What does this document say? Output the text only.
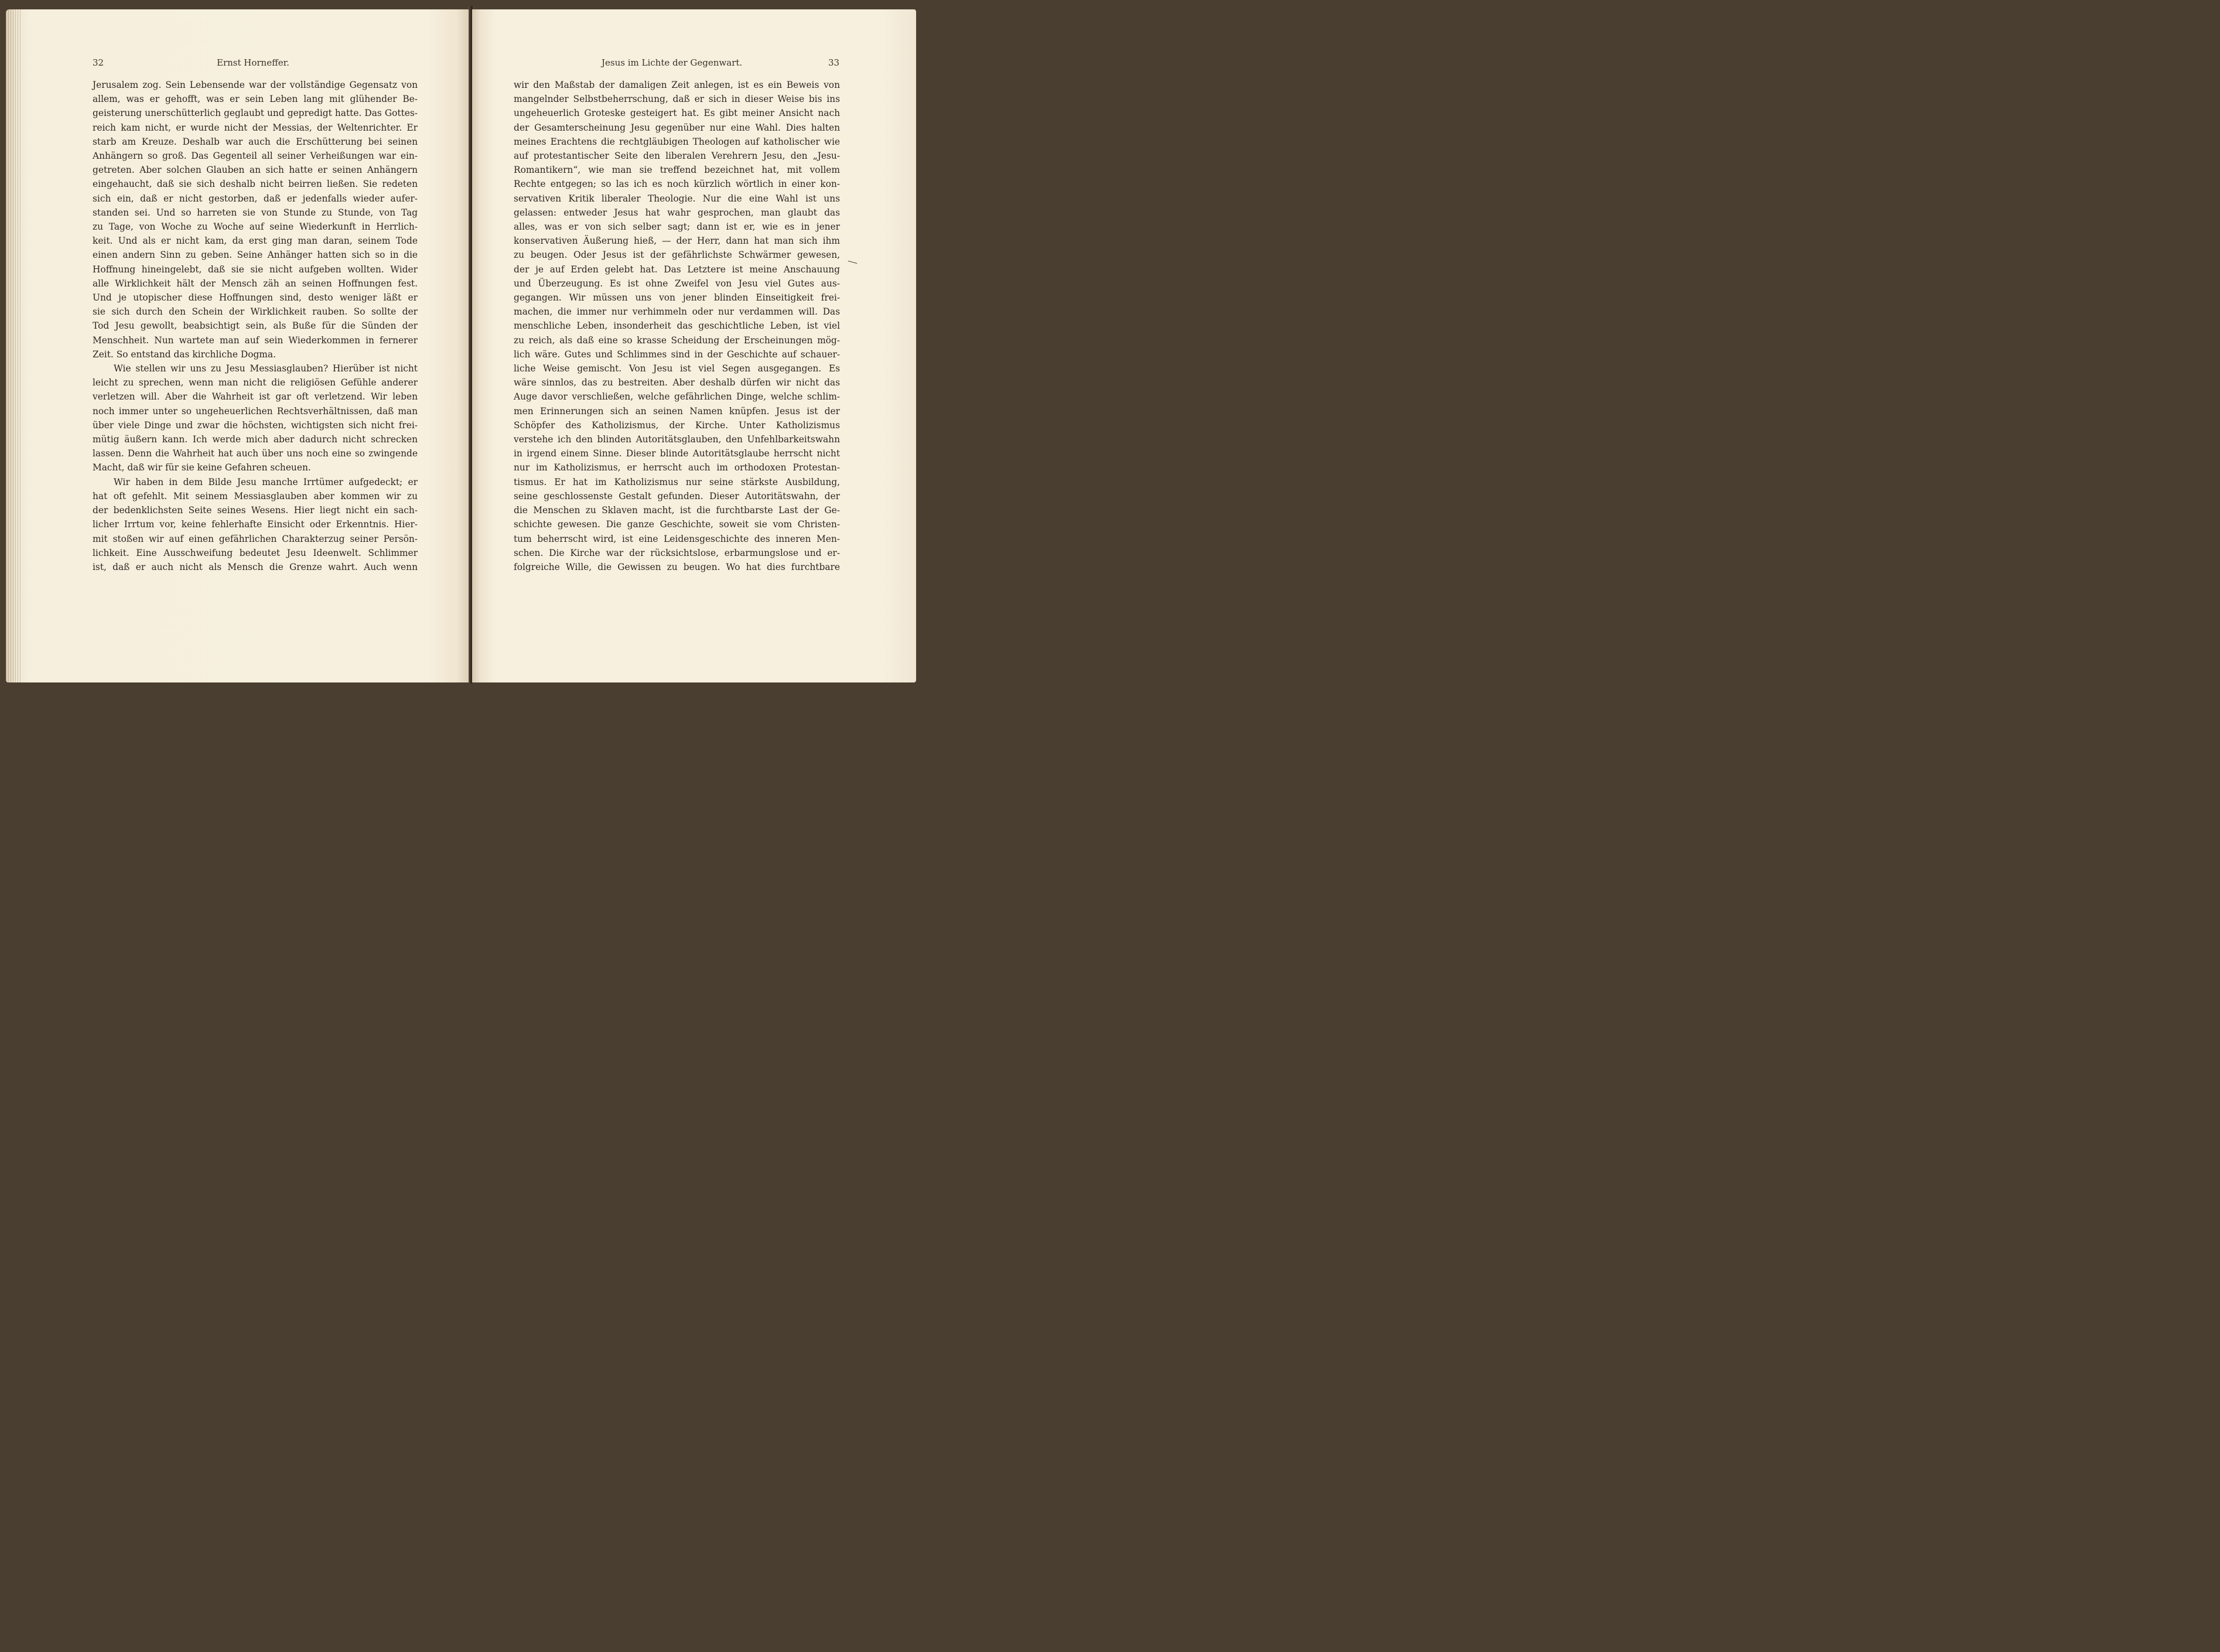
32	Ernst Horneffer.	Jesus im Lichte der Gegenwart.	33
Jerusalem zog. Sein Lebensende war der vollständige Gegensatz von
allem, was er gehofft, was er sein Leben lang mit glühender Be-
geisterung unerschütterlich geglaubt und gepredigt hatte. Das Gottes-
reich kam nicht, er wurde nicht der Messias, der Weltenrichter. Er
starb am Kreuze. Deshalb war auch die Erschütterung bei seinen
Anhängern so groß. Das Gegenteil all seiner Verheißungen war ein-
getreten. Aber solchen Glauben an sich hatte er seinen Anhängern
eingehaucht, daß sie sich deshalb nicht beirren ließen. Sie redeten
sich ein, daß er nicht gestorben, daß er jedenfalls wieder aufer-
standen sei. Und so harreten sie von Stunde zu Stunde, von Tag
zu Tage, von Woche zu Woche auf seine Wiederkunft in Herrlich-
keit. Und als er nicht kam, da erst ging man daran, seinem Tode
einen andern Sinn zu geben. Seine Anhänger hatten sich so in die
Hoffnung hineingelebt, daß sie sie nicht aufgeben wollten. Wider
alle Wirklichkeit hält der Mensch zäh an seinen Hoffnungen fest.
Und je utopischer diese Hoffnungen sind, desto weniger läßt er
sie sich durch den Schein der Wirklichkeit rauben. So sollte der
Tod Jesu gewollt, beabsichtigt sein, als Buße für die Sünden der
Menschheit. Nun wartete man auf sein Wiederkommen in fernerer
Zeit. So entstand das kirchliche Dogma.
Wie stellen wir uns zu Jesu Messiasglauben? Hierüber ist nicht
leicht zu sprechen, wenn man nicht die religiösen Gefühle anderer
verletzen will. Aber die Wahrheit ist gar oft verletzend. Wir leben
noch immer unter so ungeheuerlichen Rechtsverhältnissen, daß man
über viele Dinge und zwar die höchsten, wichtigsten sich nicht frei-
mütig äußern kann. Ich werde mich aber dadurch nicht schrecken
lassen. Denn die Wahrheit hat auch über uns noch eine so zwingende
Macht, daß wir für sie keine Gefahren scheuen.
Wir haben in dem Bilde Jesu manche Irrtümer aufgedeckt; er
hat oft gefehlt. Mit seinem Messiasglauben aber kommen wir zu
der bedenklichsten Seite seines Wesens. Hier liegt nicht ein sach-
licher Irrtum vor, keine fehlerhafte Einsicht oder Erkenntnis. Hier-
mit stoßen wir auf einen gefährlichen Charakterzug seiner Persön-
lichkeit. Eine Ausschweifung bedeutet Jesu Ideenwelt. Schlimmer
ist, daß er auch nicht als Mensch die Grenze wahrt. Auch wenn
wir den Maßstab der damaligen Zeit anlegen, ist es ein Beweis von
mangelnder Selbstbeherrschung, daß er sich in dieser Weise bis ins
ungeheuerlich Groteske gesteigert hat. Es gibt meiner Ansicht nach
der Gesamterscheinung Jesu gegenüber nur eine Wahl. Dies halten
meines Erachtens die rechtgläubigen Theologen auf katholischer wie
auf protestantischer Seite den liberalen Verehrern Jesu, den „Jesu-
Romantikern“, wie man sie treffend bezeichnet hat, mit vollem
Rechte entgegen; so las ich es noch kürzlich wörtlich in einer kon-
servativen Kritik liberaler Theologie. Nur die eine Wahl ist uns
gelassen: entweder Jesus hat wahr gesprochen, man glaubt das
alles, was er von sich selber sagt; dann ist er, wie es in jener
konservativen Äußerung hieß, — der Herr, dann hat man sich ihm
zu beugen. Oder Jesus ist der gefährlichste Schwärmer gewesen,
der je auf Erden gelebt hat. Das Letztere ist meine Anschauung
und Überzeugung. Es ist ohne Zweifel von Jesu viel Gutes aus-
gegangen. Wir müssen uns von jener blinden Einseitigkeit frei-
machen, die immer nur verhimmeln oder nur verdammen will. Das
menschliche Leben, insonderheit das geschichtliche Leben, ist viel
zu reich, als daß eine so krasse Scheidung der Erscheinungen mög-
lich wäre. Gutes und Schlimmes sind in der Geschichte auf schauer-
liche Weise gemischt. Von Jesu ist viel Segen ausgegangen. Es
wäre sinnlos, das zu bestreiten. Aber deshalb dürfen wir nicht das
Auge davor verschließen, welche gefährlichen Dinge, welche schlim-
men Erinnerungen sich an seinen Namen knüpfen. Jesus ist der
Schöpfer des Katholizismus, der Kirche. Unter Katholizismus
verstehe ich den blinden Autoritätsglauben, den Unfehlbarkeitswahn
in irgend einem Sinne. Dieser blinde Autoritätsglaube herrscht nicht
nur im Katholizismus, er herrscht auch im orthodoxen Protestan-
tismus. Er hat im Katholizismus nur seine stärkste Ausbildung,
seine geschlossenste Gestalt gefunden. Dieser Autoritätswahn, der
die Menschen zu Sklaven macht, ist die furchtbarste Last der Ge-
schichte gewesen. Die ganze Geschichte, soweit sie vom Christen-
tum beherrscht wird, ist eine Leidensgeschichte des inneren Men-
schen. Die Kirche war der rücksichtslose, erbarmungslose und er-
folgreiche Wille, die Gewissen zu beugen. Wo hat dies furchtbare
